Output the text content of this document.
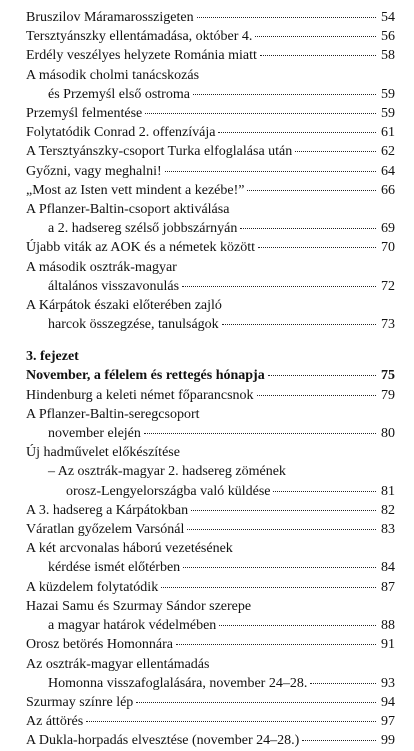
Bruszilov Máramarosszigeten	54
Tersztyánszky ellentámadása, október 4.	56
Erdély veszélyes helyzete Románia miatt	58
A második cholmi tanácskozás
és Przemyśl első ostroma	59
Przemyśl felmentése	59
Folytatódik Conrad 2. offenzívája	61
A Tersztyánszky-csoport Turka elfoglalása után	62
Győzni, vagy meghalni!	64
„Most az Isten vett mindent a kezébe!”	66
A Pflanzer-Baltin-csoport aktiválása
a 2. hadsereg szélső jobbszárnyán	69
Újabb viták az AOK és a németek között	70
A második osztrák-magyar
általános visszavonulás	72
A Kárpátok északi előterében zajló
harcok összegzése, tanulságok	73
3. fejezet
November, a félelem és rettegés hónapja	75
Hindenburg a keleti német főparancsnok	79
A Pflanzer-Baltin-seregcsoport
november elején	80
Új hadművelet előkészítése
– Az osztrák-magyar 2. hadsereg zömének
orosz-Lengyelországba való küldése	81
A 3. hadsereg a Kárpátokban	82
Váratlan győzelem Varsónál	83
A két arcvonalas háború vezetésének
kérdése ismét előtérben	84
A küzdelem folytatódik	87
Hazai Samu és Szurmay Sándor szerepe
a magyar határok védelmében	88
Orosz betörés Homonnára	91
Az osztrák-magyar ellentámadás
Homonna visszafoglalására, november 24–28.	93
Szurmay színre lép	94
Az áttörés	97
A Dukla-horpadás elvesztése (november 24–28.)	99
